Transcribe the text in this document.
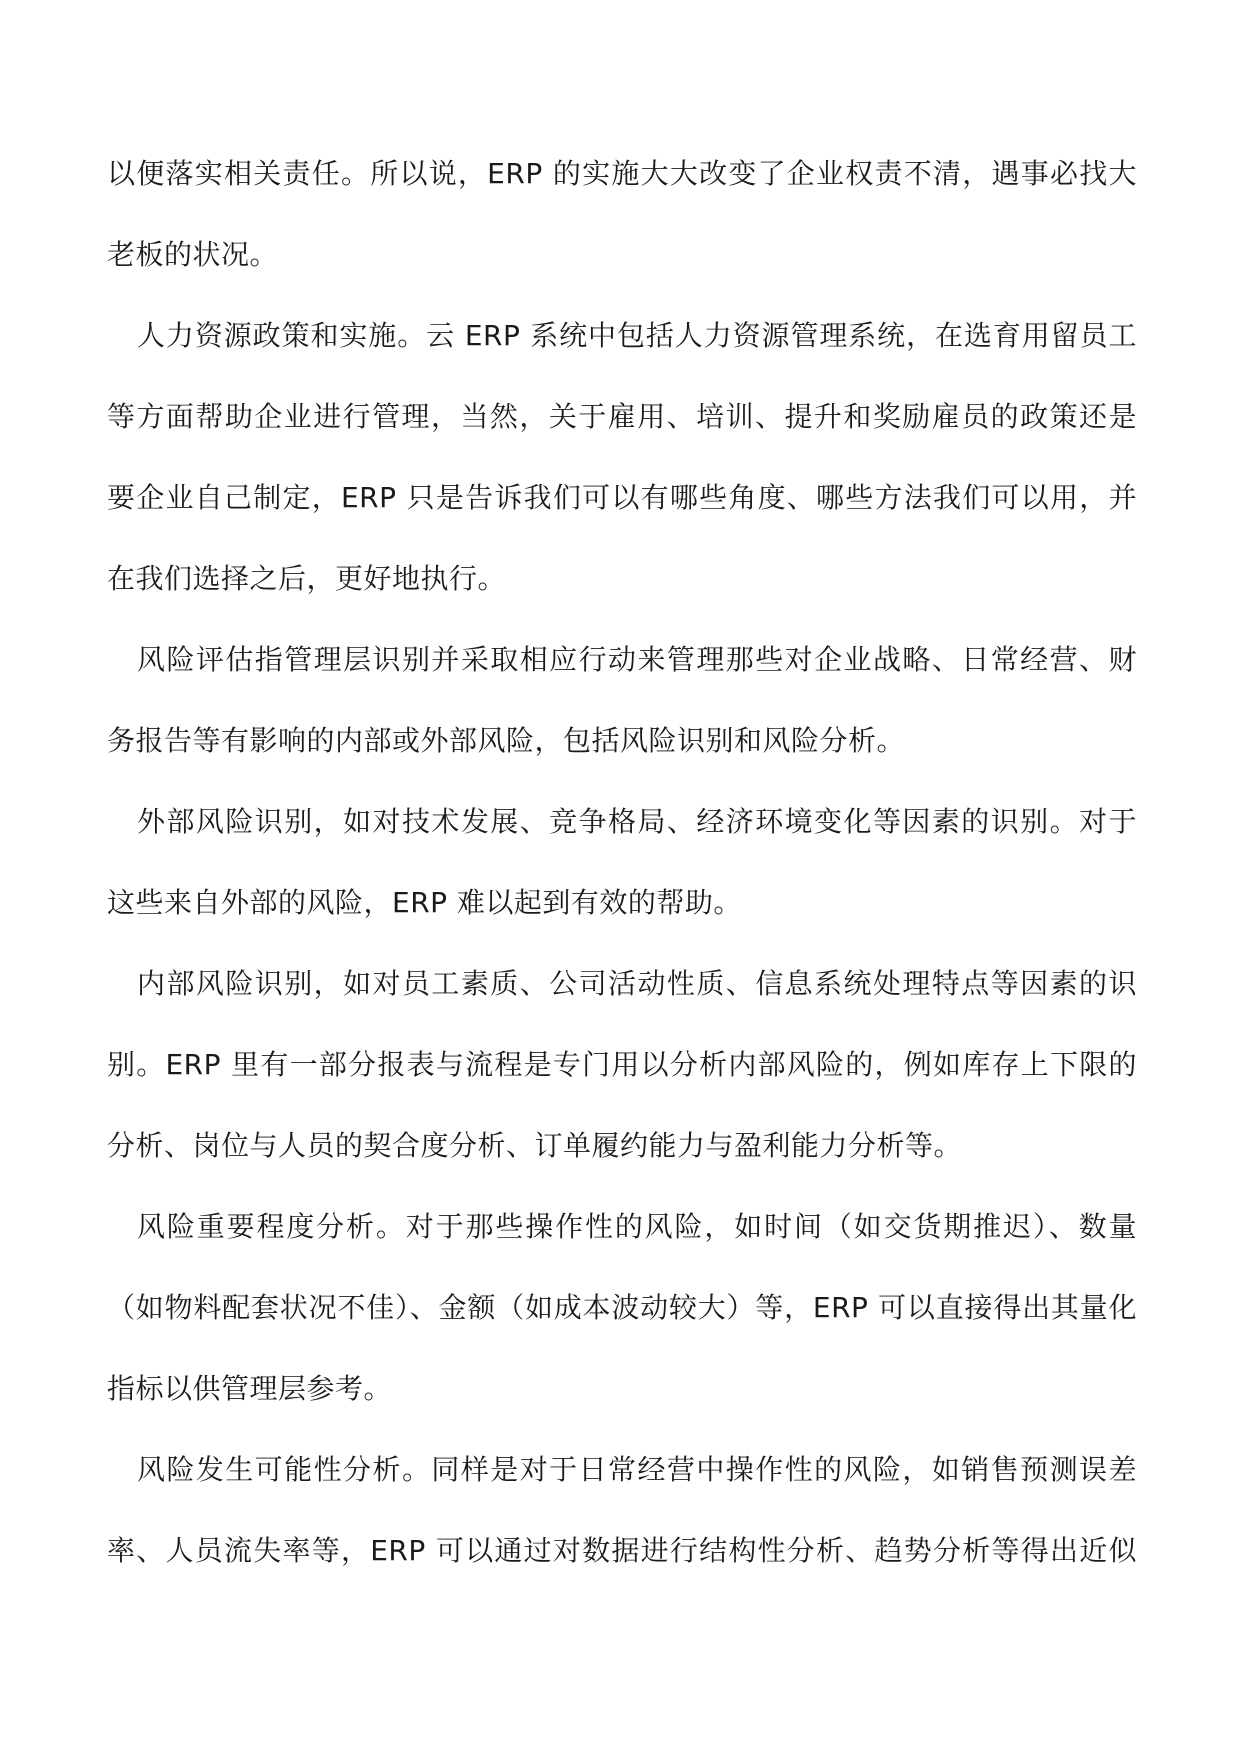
以便落实相关责任。所以说，ERP 的实施大大改变了企业权责不清，遇事必找大
老板的状况。
人力资源政策和实施。云 ERP 系统中包括人力资源管理系统，在选育用留员工
等方面帮助企业进行管理，当然，关于雇用、培训、提升和奖励雇员的政策还是
要企业自己制定，ERP 只是告诉我们可以有哪些角度、哪些方法我们可以用，并
在我们选择之后，更好地执行。
风险评估指管理层识别并采取相应行动来管理那些对企业战略、日常经营、财
务报告等有影响的内部或外部风险，包括风险识别和风险分析。
外部风险识别，如对技术发展、竞争格局、经济环境变化等因素的识别。对于
这些来自外部的风险，ERP 难以起到有效的帮助。
内部风险识别，如对员工素质、公司活动性质、信息系统处理特点等因素的识
别。ERP 里有一部分报表与流程是专门用以分析内部风险的，例如库存上下限的
分析、岗位与人员的契合度分析、订单履约能力与盈利能力分析等。
风险重要程度分析。对于那些操作性的风险，如时间（如交货期推迟）、数量
（如物料配套状况不佳）、金额（如成本波动较大）等，ERP 可以直接得出其量化
指标以供管理层参考。
风险发生可能性分析。同样是对于日常经营中操作性的风险，如销售预测误差
率、人员流失率等，ERP 可以通过对数据进行结构性分析、趋势分析等得出近似
